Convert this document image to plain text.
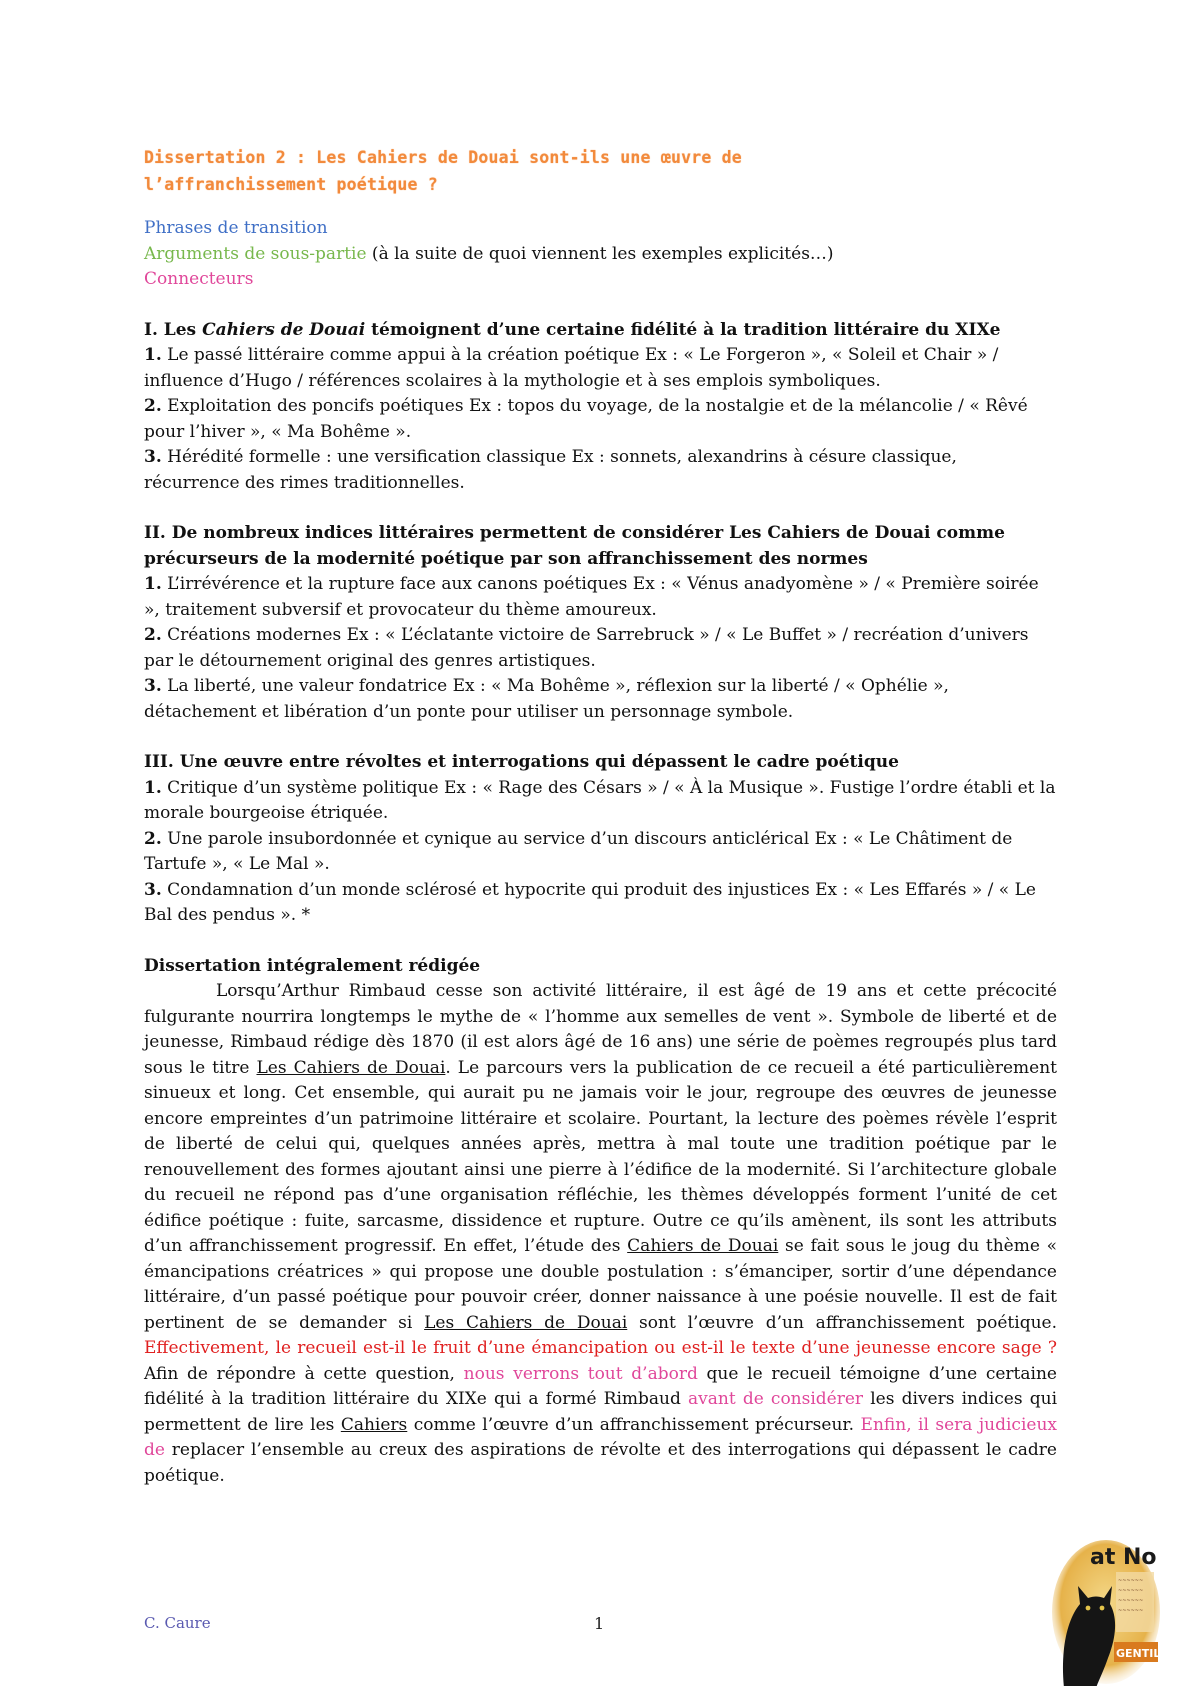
Dissertation 2 : Les Cahiers de Douai sont-ils une œuvre de
l’affranchissement poétique ?
Phrases de transition
Arguments de sous-partie (à la suite de quoi viennent les exemples explicités…)
Connecteurs
I. Les Cahiers de Douai témoignent d’une certaine fidélité à la tradition littéraire du XIXe

1. Le passé littéraire comme appui à la création poétique Ex : « Le Forgeron », « Soleil et Chair » / influence d’Hugo / références scolaires à la mythologie et à ses emplois symboliques.

2. Exploitation des poncifs poétiques Ex : topos du voyage, de la nostalgie et de la mélancolie / « Rêvé pour l’hiver », « Ma Bohême ».

3. Hérédité formelle : une versification classique Ex : sonnets, alexandrins à césure classique, récurrence des rimes traditionnelles.

II. De nombreux indices littéraires permettent de considérer Les Cahiers de Douai comme précurseurs de la modernité poétique par son affranchissement des normes

1. L’irrévérence et la rupture face aux canons poétiques Ex : « Vénus anadyomène » / « Première soirée », traitement subversif et provocateur du thème amoureux.

2. Créations modernes Ex : « L’éclatante victoire de Sarrebruck » / « Le Buffet » / recréation d’univers par le détournement original des genres artistiques.

3. La liberté, une valeur fondatrice Ex : « Ma Bohême », réflexion sur la liberté / « Ophélie », détachement et libération d’un ponte pour utiliser un personnage symbole.

III. Une œuvre entre révoltes et interrogations qui dépassent le cadre poétique

1. Critique d’un système politique Ex : « Rage des Césars » / « À la Musique ». Fustige l’ordre établi et la morale bourgeoise étriquée.

2. Une parole insubordonnée et cynique au service d’un discours anticlérical Ex : « Le Châtiment de Tartufe », « Le Mal ».

3. Condamnation d’un monde sclérosé et hypocrite qui produit des injustices Ex : « Les Effarés » / « Le Bal des pendus ». *

Dissertation intégralement rédigée

Lorsqu’Arthur Rimbaud cesse son activité littéraire, il est âgé de 19 ans et cette précocité fulgurante nourrira longtemps le mythe de « l’homme aux semelles de vent ». Symbole de liberté et de jeunesse, Rimbaud rédige dès 1870 (il est alors âgé de 16 ans) une série de poèmes regroupés plus tard sous le titre Les Cahiers de Douai. Le parcours vers la publication de ce recueil a été particulièrement sinueux et long. Cet ensemble, qui aurait pu ne jamais voir le jour, regroupe des œuvres de jeunesse encore empreintes d’un patrimoine littéraire et scolaire. Pourtant, la lecture des poèmes révèle l’esprit de liberté de celui qui, quelques années après, mettra à mal toute une tradition poétique par le renouvellement des formes ajoutant ainsi une pierre à l’édifice de la modernité. Si l’architecture globale du recueil ne répond pas d’une organisation réfléchie, les thèmes développés forment l’unité de cet édifice poétique : fuite, sarcasme, dissidence et rupture. Outre ce qu’ils amènent, ils sont les attributs d’un affranchissement progressif. En effet, l’étude des Cahiers de Douai se fait sous le joug du thème « émancipations créatrices » qui propose une double postulation : s’émanciper, sortir d’une dépendance littéraire, d’un passé poétique pour pouvoir créer, donner naissance à une poésie nouvelle. Il est de fait pertinent de se demander si Les Cahiers de Douai sont l’œuvre d’un affranchissement poétique. Effectivement, le recueil est-il le fruit d’une émancipation ou est-il le texte d’une jeunesse encore sage ? Afin de répondre à cette question, nous verrons tout d’abord que le recueil témoigne d’une certaine fidélité à la tradition littéraire du XIXe qui a formé Rimbaud avant de considérer les divers indices qui permettent de lire les Cahiers comme l’œuvre d’un affranchissement précurseur. Enfin, il sera judicieux de replacer l’ensemble au creux des aspirations de révolte et des interrogations qui dépassent le cadre poétique.

C. Caure	1
at No
~~~~~~
~~~~~~
~~~~~~
~~~~~~
GENTIL
